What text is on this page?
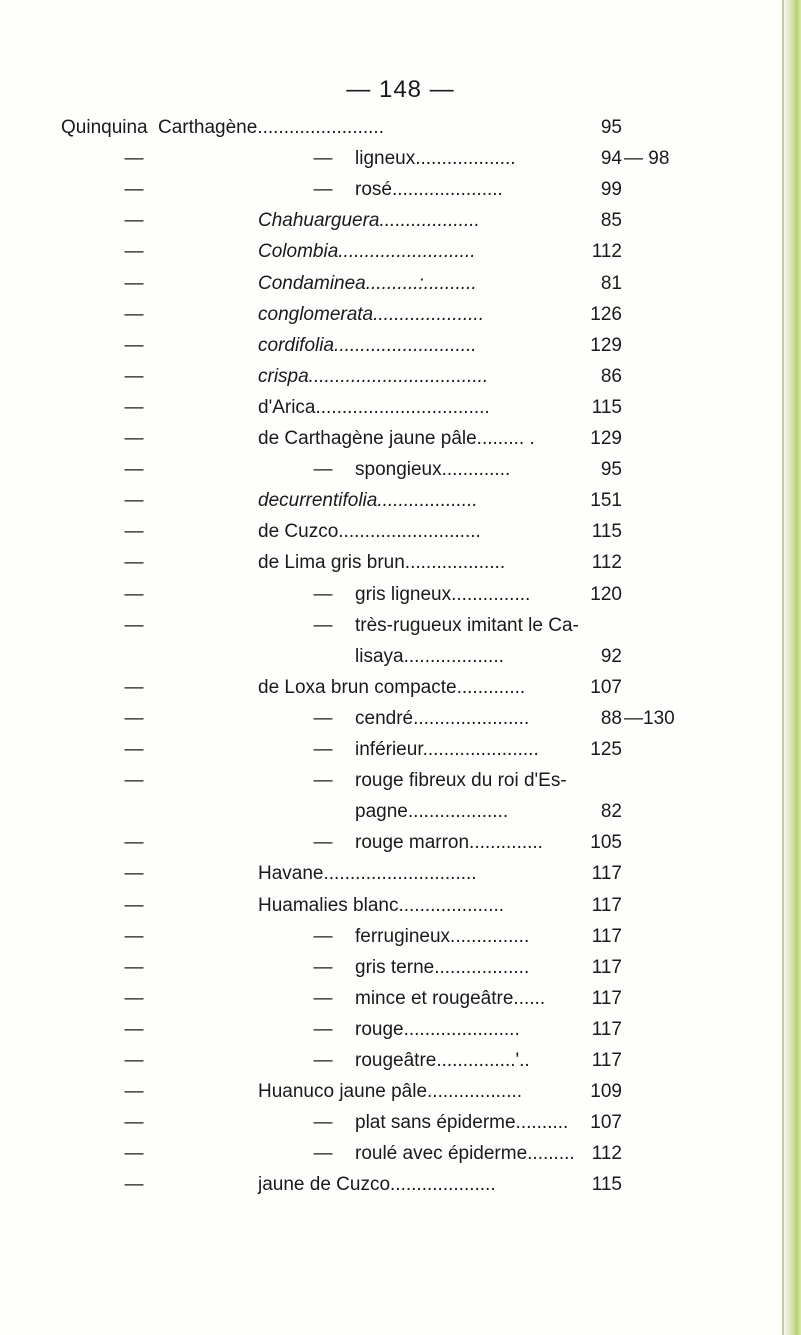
— 148 —
Quinquina Carthagène........................	95
—	— ligneux...................	94 — 98
—	— rosé.....................	99
—	Chahuarguera...................	85
—	Colombia..........................	112
—	Condaminea..........:..........	81
—	conglomerata.....................	126
—	cordifolia...........................	129
—	crispa..................................	86
—	d'Arica.................................	115
—	de Carthagène jaune pâle......... .	129
—	— spongieux.............	95
—	decurrentifolia...................	151
—	de Cuzco...........................	115
—	de Lima gris brun...................	112
—	— gris ligneux...............	120
—	— très-rugueux imitant le Ca-
lisaya...................	92
—	de Loxa brun compacte.............	107
—	— cendré......................	88 —130
—	— inférieur......................	125
—	— rouge fibreux du roi d'Es-
pagne...................	82
—	— rouge marron..............	105
—	Havane.............................	117
—	Huamalies blanc....................	117
—	— ferrugineux...............	117
—	— gris terne..................	117
—	— mince et rougeâtre......	117
—	— rouge......................	117
—	— rougeâtre...............'..	117
—	Huanuco jaune pâle..................	109
—	— plat sans épiderme..........	107
—	— roulé avec épiderme......... 112
—	jaune de Cuzco....................	115
